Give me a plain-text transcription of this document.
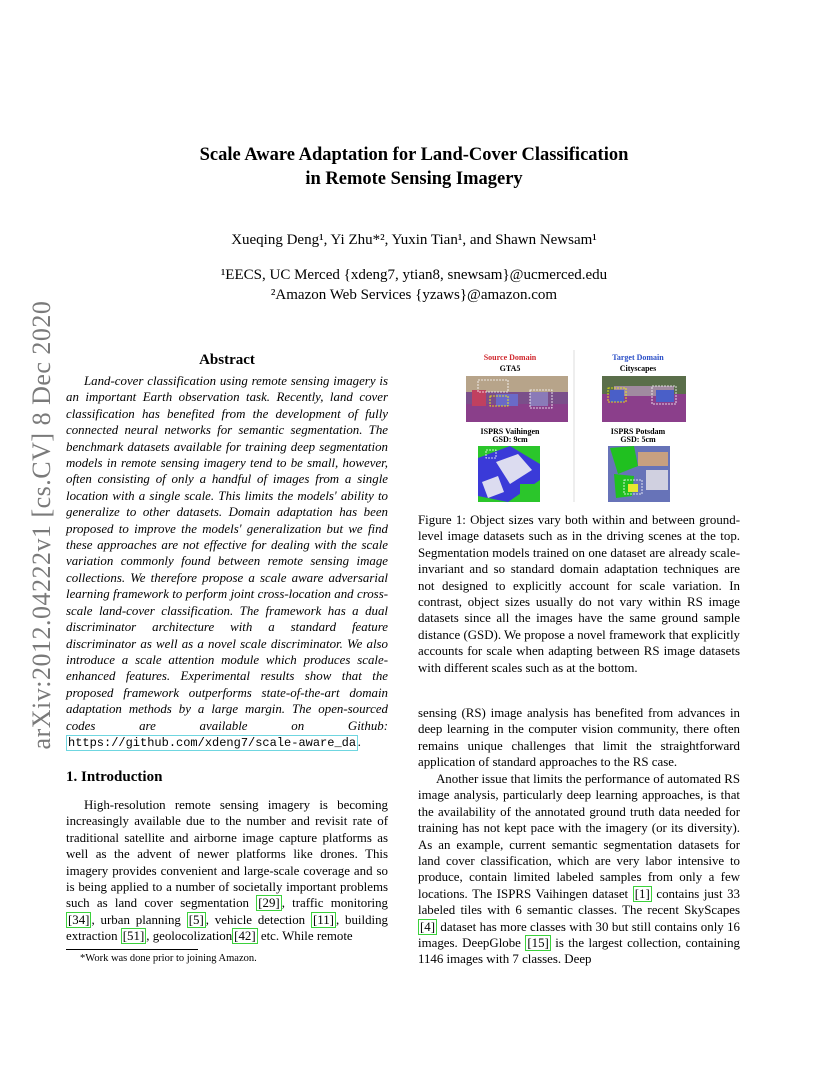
arXiv:2012.04222v1 [cs.CV] 8 Dec 2020
Scale Aware Adaptation for Land-Cover Classification
in Remote Sensing Imagery
Xueqing Deng¹, Yi Zhu*², Yuxin Tian¹, and Shawn Newsam¹
¹EECS, UC Merced {xdeng7, ytian8, snewsam}@ucmerced.edu
²Amazon Web Services {yzaws}@amazon.com
Abstract

Land-cover classification using remote sensing imagery is an important Earth observation task. Recently, land cover classification has benefited from the development of fully connected neural networks for semantic segmentation. The benchmark datasets available for training deep segmentation models in remote sensing imagery tend to be small, however, often consisting of only a handful of images from a single location with a single scale. This limits the models' ability to generalize to other datasets. Domain adaptation has been proposed to improve the models' generalization but we find these approaches are not effective for dealing with the scale variation commonly found between remote sensing image collections. We therefore propose a scale aware adversarial learning framework to perform joint cross-location and cross-scale land-cover classification. The framework has a dual discriminator architecture with a standard feature discriminator as well as a novel scale discriminator. We also introduce a scale attention module which produces scale-enhanced features. Experimental results show that the proposed framework outperforms state-of-the-art domain adaptation methods by a large margin. The open-sourced codes are available on Github: https://github.com/xdeng7/scale-aware_da .

1. Introduction

High-resolution remote sensing imagery is becoming increasingly available due to the number and revisit rate of traditional satellite and airborne image capture platforms as well as the advent of newer platforms like drones. This imagery provides convenient and large-scale coverage and so is being applied to a number of societally important problems such as land cover segmentation [29] , traffic monitoring [34] , urban planning [5] , vehicle detection [11] , building extraction [51] , geolocolization [42] etc. While remote

*Work was done prior to joining Amazon.
Source Domain	Target Domain
GTA5	Cityscapes
ISPRS Vaihingen
GSD: 9cm
ISPRS Potsdam
GSD: 5cm
Figure 1: Object sizes vary both within and between ground-level image datasets such as in the driving scenes at the top. Segmentation models trained on one dataset are already scale-invariant and so standard domain adaptation techniques are not designed to explicitly account for scale variation. In contrast, object sizes usually do not vary within RS image datasets since all the images have the same ground sample distance (GSD). We propose a novel framework that explicitly accounts for scale when adapting between RS image datasets with different scales such as at the bottom.

sensing (RS) image analysis has benefited from advances in deep learning in the computer vision community, there often remains unique challenges that limit the straightforward application of standard approaches to the RS case.

Another issue that limits the performance of automated RS image analysis, particularly deep learning approaches, is that the availability of the annotated ground truth data needed for training has not kept pace with the imagery (or its diversity). As an example, current semantic segmentation datasets for land cover classification, which are very labor intensive to produce, contain limited labeled samples from only a few locations. The ISPRS Vaihingen dataset [1] contains just 33 labeled tiles with 6 semantic classes. The recent SkyScapes [4] dataset has more classes with 30 but still contains only 16 images. DeepGlobe [15] is the largest collection, containing 1146 images with 7 classes. Deep
